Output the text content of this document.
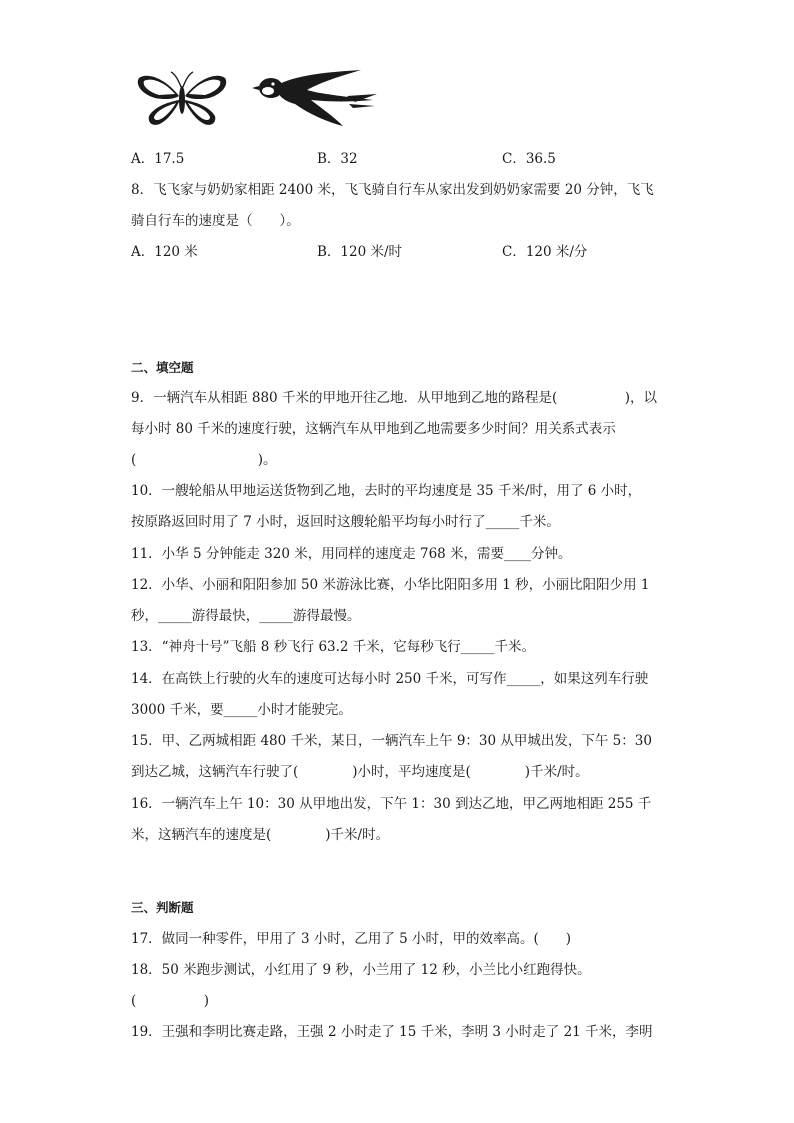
A．17.5	B．32	C．36.5
8．飞飞家与奶奶家相距 2400 米，飞飞骑自行车从家出发到奶奶家需要 20 分钟，飞飞
骑自行车的速度是（　　）。
A．120 米	B．120 米/时	C．120 米/分
二、填空题
9．一辆汽车从相距 880 千米的甲地开往乙地．从甲地到乙地的路程是(　　　　　)，以
每小时 80 千米的速度行驶，这辆汽车从甲地到乙地需要多少时间？用关系式表示
(　　　　　　　　　)。
10．一艘轮船从甲地运送货物到乙地，去时的平均速度是 35 千米/时，用了 6 小时，
按原路返回时用了 7 小时，返回时这艘轮船平均每小时行了_____千米。
11．小华 5 分钟能走 320 米，用同样的速度走 768 米，需要____分钟。
12．小华、小丽和阳阳参加 50 米游泳比赛，小华比阳阳多用 1 秒，小丽比阳阳少用 1
秒，_____游得最快，_____游得最慢。
13．“神舟十号”飞船 8 秒飞行 63.2 千米，它每秒飞行_____千米。
14．在高铁上行驶的火车的速度可达每小时 250 千米，可写作_____，如果这列车行驶
3000 千米，要_____小时才能驶完。
15．甲、乙两城相距 480 千米，某日，一辆汽车上午 9：30 从甲城出发，下午 5：30
到达乙城，这辆汽车行驶了(　　　　)小时，平均速度是(　　　　)千米/时。
16．一辆汽车上午 10：30 从甲地出发，下午 1：30 到达乙地，甲乙两地相距 255 千
米，这辆汽车的速度是(　　　　)千米/时。
三、判断题
17．做同一种零件，甲用了 3 小时，乙用了 5 小时，甲的效率高。(　　)
18．50 米跑步测试，小红用了 9 秒，小兰用了 12 秒，小兰比小红跑得快。
(　　　　　)
19．王强和李明比赛走路，王强 2 小时走了 15 千米，李明 3 小时走了 21 千米，李明
